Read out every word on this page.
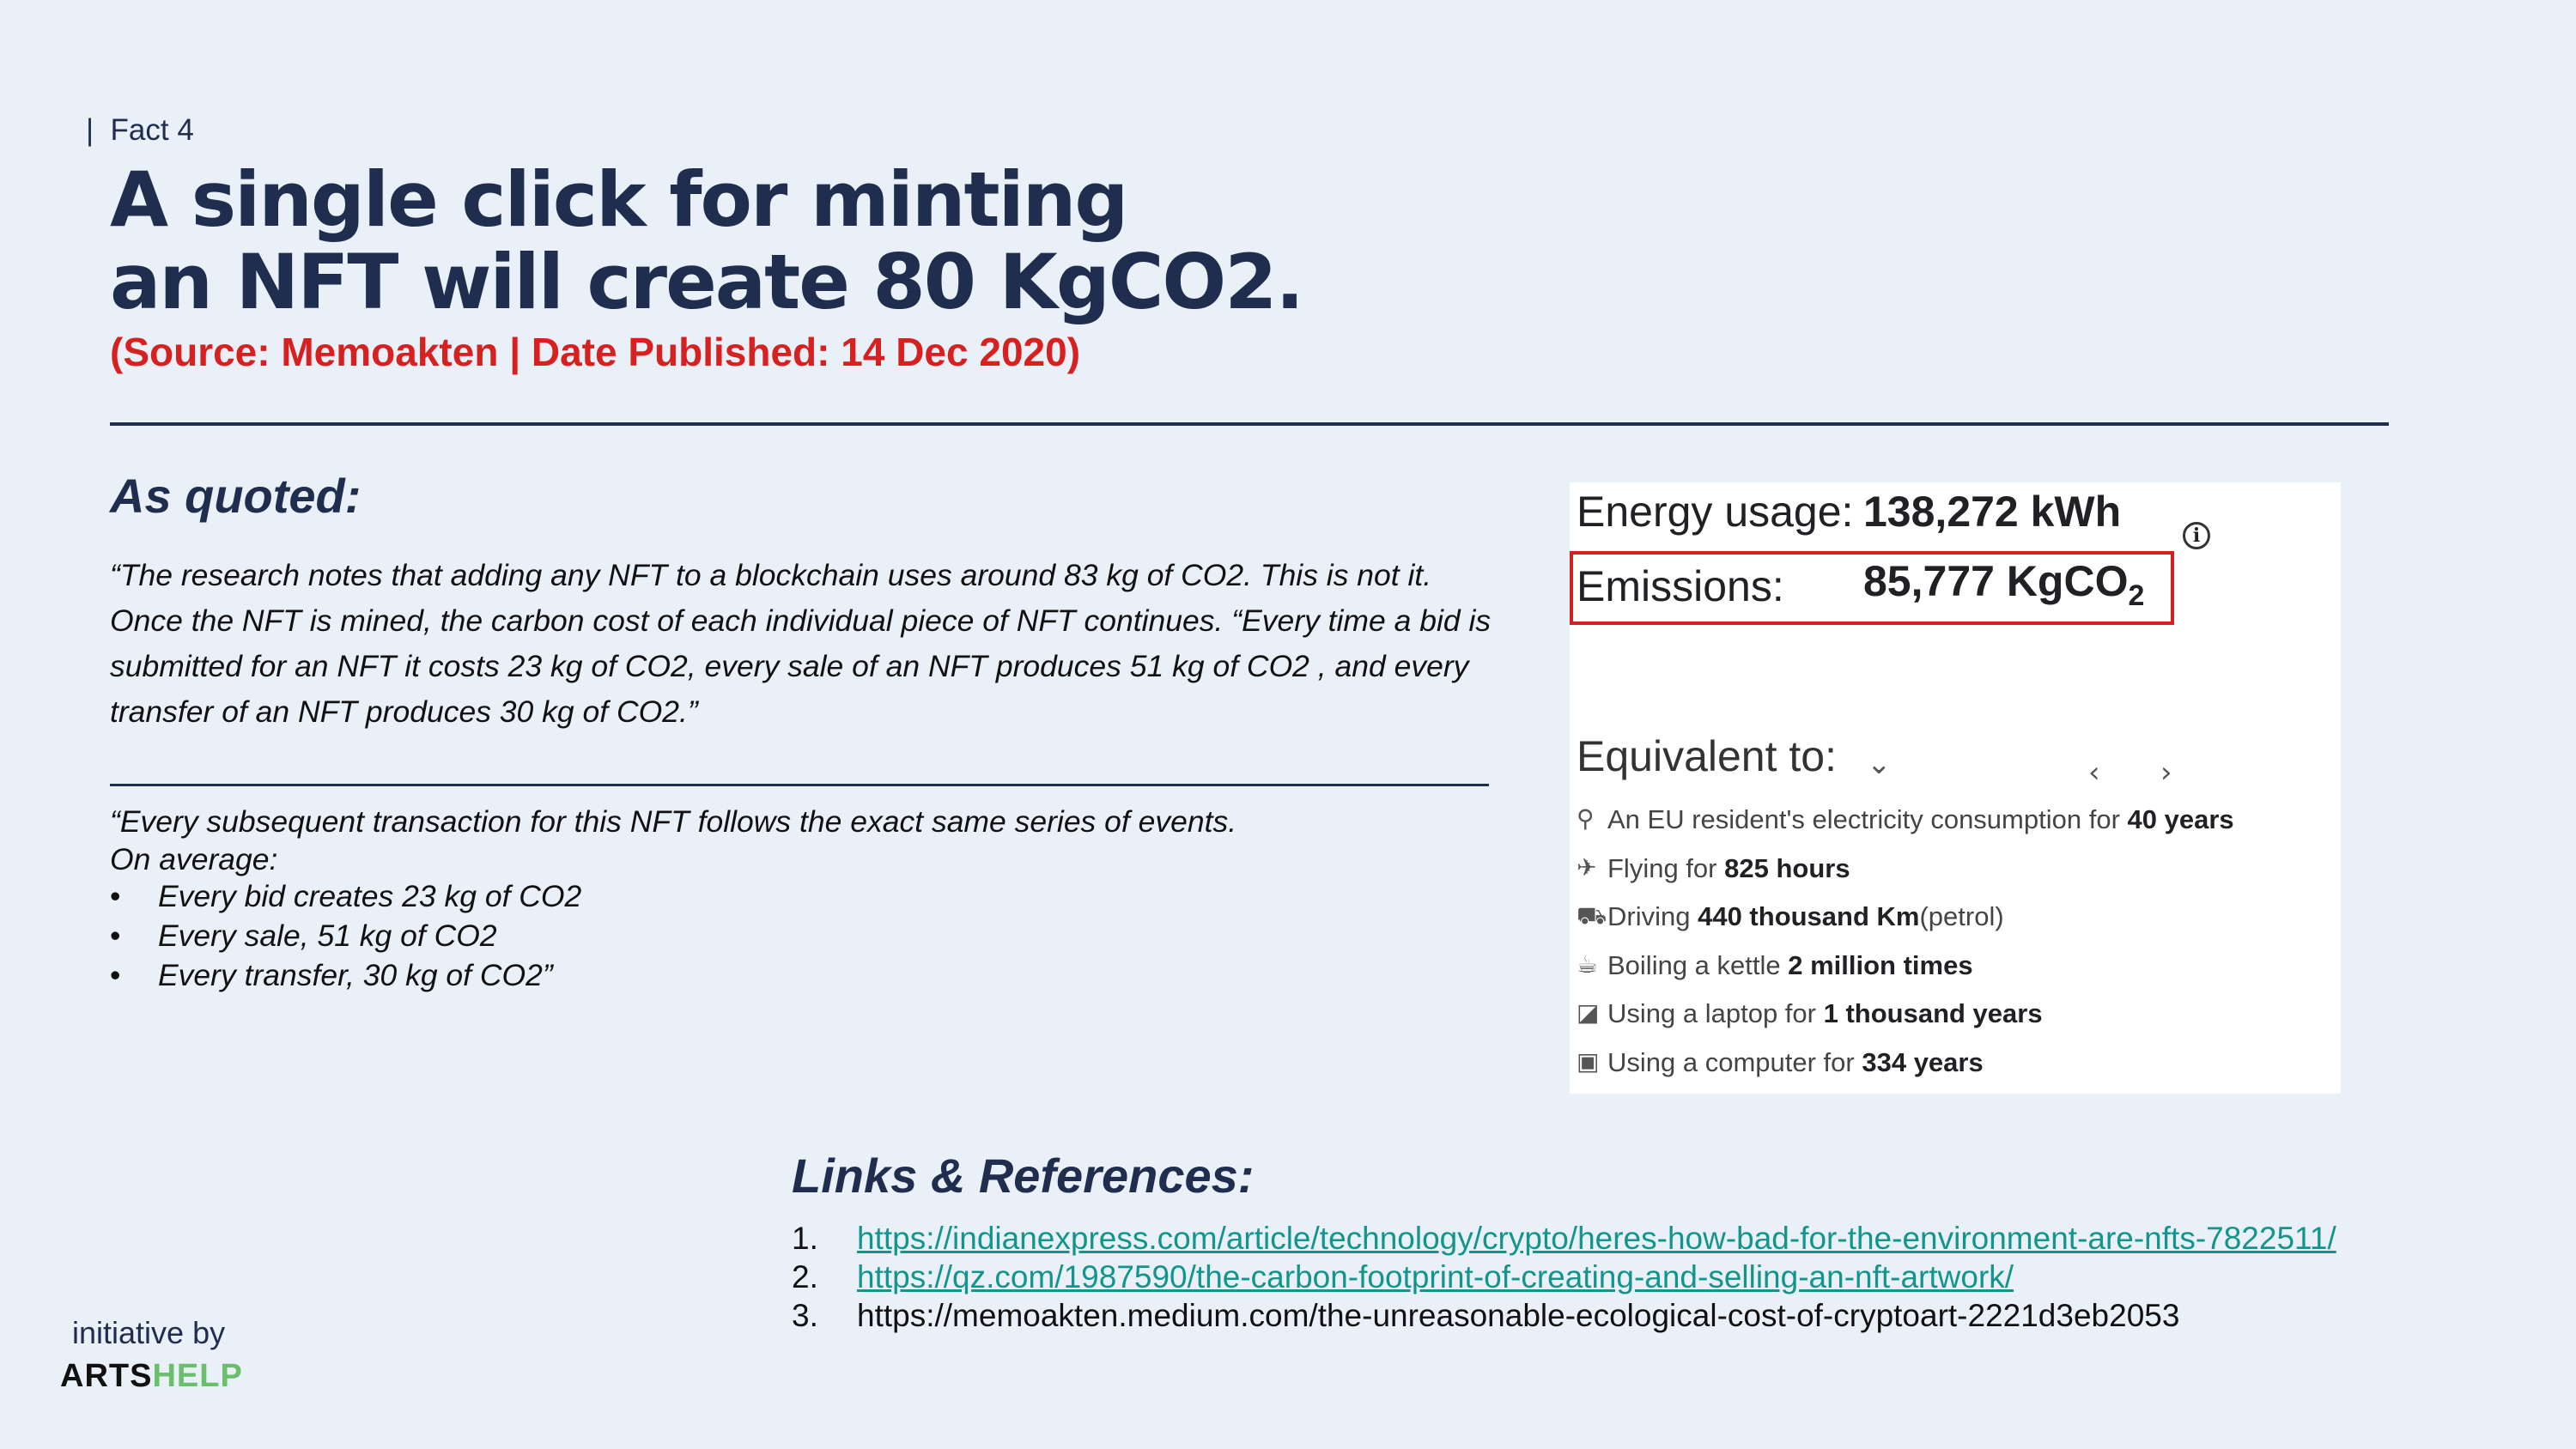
|  Fact 4
A single click for minting
an NFT will create 80 KgCO2.
(Source: Memoakten | Date Published: 14 Dec 2020)
As quoted:
“The research notes that adding any NFT to a blockchain uses around 83 kg of CO2. This is not it. Once the NFT is mined, the carbon cost of each individual piece of NFT continues. “Every time a bid is submitted for an NFT it costs 23 kg of CO2, every sale of an NFT produces 51 kg of CO2 , and every transfer of an NFT produces 30 kg of CO2.”
“Every subsequent transaction for this NFT follows the exact same series of events.
On average:
• Every bid creates 23 kg of CO2
• Every sale, 51 kg of CO2
• Every transfer, 30 kg of CO2”
Energy usage: 138,272 kWh	i
Emissions: 85,777 KgCO$_2$
Equivalent to: ⌄	‹ ›
⚲ An EU resident's electricity consumption for
40 years
✈ Flying for
825 hours
⛟ Driving
440 thousand Km (petrol)
☕ Boiling a kettle
2 million times
◪ Using a laptop for
1 thousand years
▣ Using a computer for
334 years
Links & References:
1. https://indianexpress.com/article/technology/crypto/heres-how-bad-for-the-environment-are-nfts-7822511/
2. https://qz.com/1987590/the-carbon-footprint-of-creating-and-selling-an-nft-artwork/
3. https://memoakten.medium.com/the-unreasonable-ecological-cost-of-cryptoart-2221d3eb2053
initiative by
ARTSHELP
